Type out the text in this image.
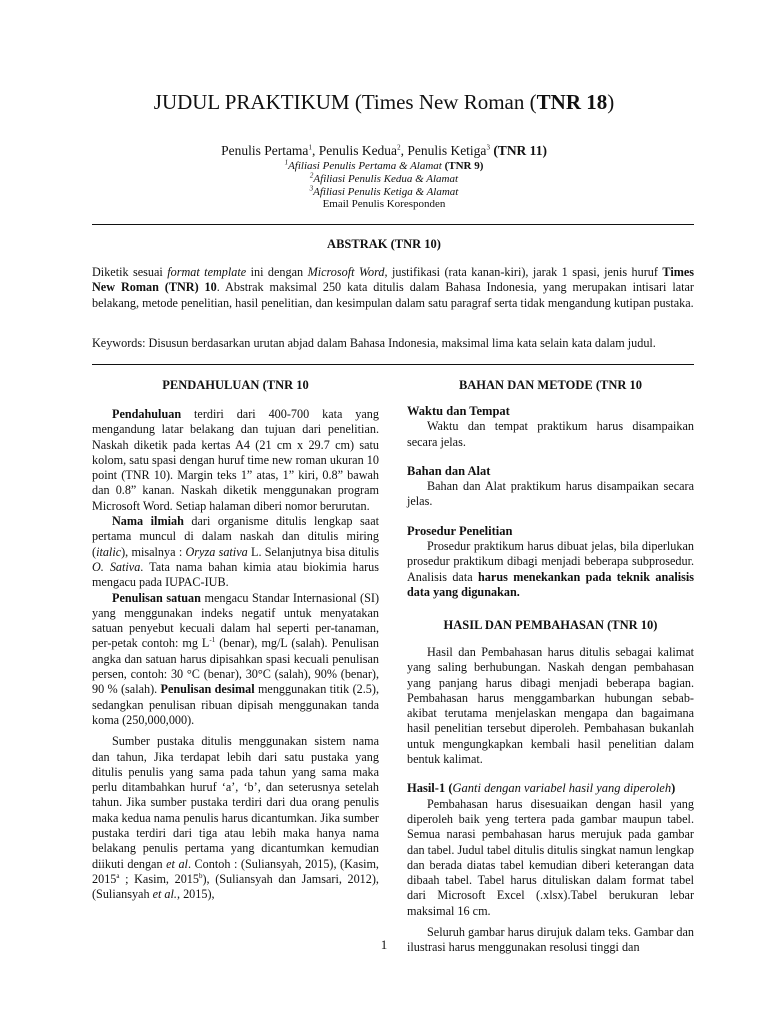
JUDUL PRAKTIKUM (Times New Roman (TNR 18)
Penulis Pertama$^1$, Penulis Kedua$^2$, Penulis Ketiga$^3$ (TNR 11)
$^1$Afiliasi Penulis Pertama & Alamat (TNR 9)
$^2$Afiliasi Penulis Kedua & Alamat
$^3$Afiliasi Penulis Ketiga & Alamat
Email Penulis Koresponden
ABSTRAK (TNR 10)
Diketik sesuai format template ini dengan Microsoft Word, justifikasi (rata kanan-kiri), jarak 1 spasi, jenis huruf Times New Roman (TNR) 10. Abstrak maksimal 250 kata ditulis dalam Bahasa Indonesia, yang merupakan intisari latar belakang, metode penelitian, hasil penelitian, dan kesimpulan dalam satu paragraf serta tidak mengandung kutipan pustaka.
Keywords: Disusun berdasarkan urutan abjad dalam Bahasa Indonesia, maksimal lima kata selain kata dalam judul.
PENDAHULUAN (TNR 10

Pendahuluan terdiri dari 400-700 kata yang mengandung latar belakang dan tujuan dari penelitian. Naskah diketik pada kertas A4 (21 cm x 29.7 cm) satu kolom, satu spasi dengan huruf time new roman ukuran 10 point (TNR 10). Margin teks 1” atas, 1” kiri, 0.8” bawah dan 0.8” kanan. Naskah diketik menggunakan program Microsoft Word. Setiap halaman diberi nomor berurutan.

Nama ilmiah dari organisme ditulis lengkap saat pertama muncul di dalam naskah dan ditulis miring (italic), misalnya : Oryza sativa L. Selanjutnya bisa ditulis O. Sativa. Tata nama bahan kimia atau biokimia harus mengacu pada IUPAC-IUB.

Penulisan satuan mengacu Standar Internasional (SI) yang menggunakan indeks negatif untuk menyatakan satuan penyebut kecuali dalam hal seperti per-tanaman, per-petak contoh: mg $L^{-1}$ (benar), mg/L (salah). Penulisan angka dan satuan harus dipisahkan spasi kecuali penulisan persen, contoh: 30 °C (benar), 30°C (salah), 90% (benar), 90 % (salah). Penulisan desimal menggunakan titik (2.5), sedangkan penulisan ribuan dipisah menggunakan tanda koma (250,000,000).

Sumber pustaka ditulis menggunakan sistem nama dan tahun, Jika terdapat lebih dari satu pustaka yang ditulis penulis yang sama pada tahun yang sama maka perlu ditambahkan huruf ‘a’, ‘b’, dan seterusnya setelah tahun. Jika sumber pustaka terdiri dari dua orang penulis maka kedua nama penulis harus dicantumkan. Jika sumber pustaka terdiri dari tiga atau lebih maka hanya nama belakang penulis pertama yang dicantumkan kemudian diikuti dengan et al. Contoh : (Suliansyah, 2015), (Kasim, 2015$^a$ ; Kasim, 2015$^b$), (Suliansyah dan Jamsari, 2012), (Suliansyah et al., 2015),

BAHAN DAN METODE (TNR 10

Waktu dan Tempat

Waktu dan tempat praktikum harus disampaikan secara jelas.

Bahan dan Alat

Bahan dan Alat praktikum harus disampaikan secara jelas.

Prosedur Penelitian

Prosedur praktikum harus dibuat jelas, bila diperlukan prosedur praktikum dibagi menjadi beberapa subprosedur. Analisis data harus menekankan pada teknik analisis data yang digunakan.

HASIL DAN PEMBAHASAN (TNR 10)

Hasil dan Pembahasan harus ditulis sebagai kalimat yang saling berhubungan. Naskah dengan pembahasan yang panjang harus dibagi menjadi beberapa bagian. Pembahasan harus menggambarkan hubungan sebab-akibat terutama menjelaskan mengapa dan bagaimana hasil penelitian tersebut diperoleh. Pembahasan bukanlah untuk mengungkapkan kembali hasil penelitian dalam bentuk kalimat.

Hasil-1 (Ganti dengan variabel hasil yang diperoleh)

Pembahasan harus disesuaikan dengan hasil yang diperoleh baik yeng tertera pada gambar maupun tabel. Semua narasi pembahasan harus merujuk pada gambar dan tabel. Judul tabel ditulis ditulis singkat namun lengkap dan berada diatas tabel kemudian diberi keterangan data dibaah tabel. Tabel harus dituliskan dalam format tabel dari Microsoft Excel (.xlsx).Tabel berukuran lebar maksimal 16 cm.

Seluruh gambar harus dirujuk dalam teks. Gambar dan ilustrasi harus menggunakan resolusi tinggi dan

1
